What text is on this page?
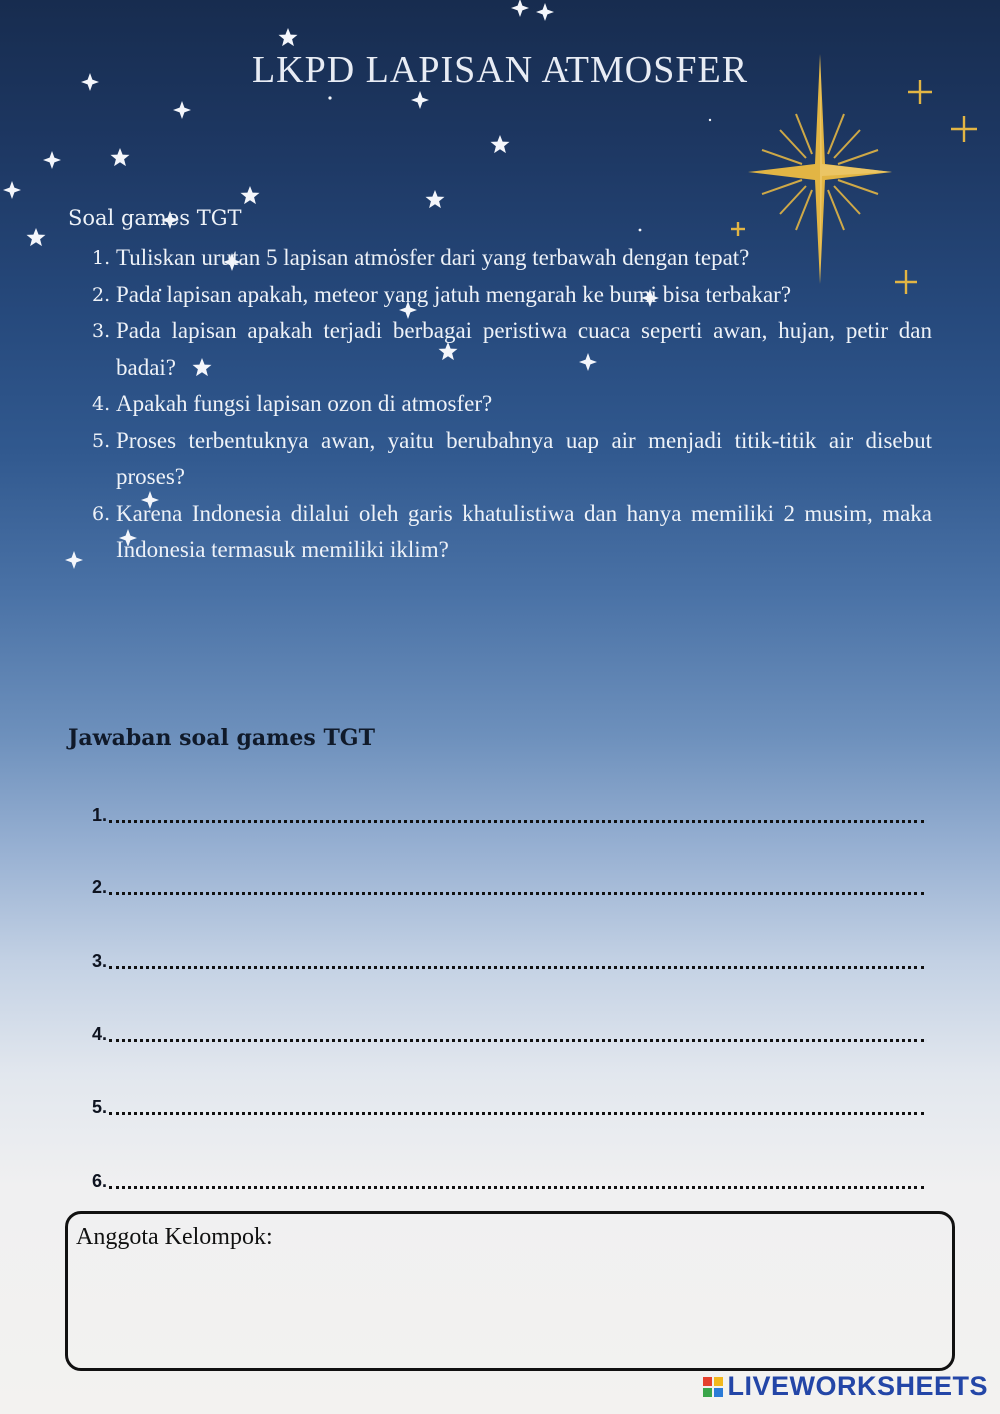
LKPD LAPISAN ATMOSFER
Soal games TGT
1. Tuliskan urutan 5 lapisan atmosfer dari yang terbawah dengan tepat?
2. Pada lapisan apakah, meteor yang jatuh mengarah ke bumi bisa terbakar?
3. Pada lapisan apakah terjadi berbagai peristiwa cuaca seperti awan, hujan, petir dan badai?
4. Apakah fungsi lapisan ozon di atmosfer?
5. Proses terbentuknya awan, yaitu berubahnya uap air menjadi titik-titik air disebut proses?
6. Karena Indonesia dilalui oleh garis khatulistiwa dan hanya memiliki 2 musim, maka Indonesia termasuk memiliki iklim?
Jawaban soal games TGT
1.
2.
3.
4.
5.
6.
Anggota Kelompok:
LIVEWORKSHEETS
